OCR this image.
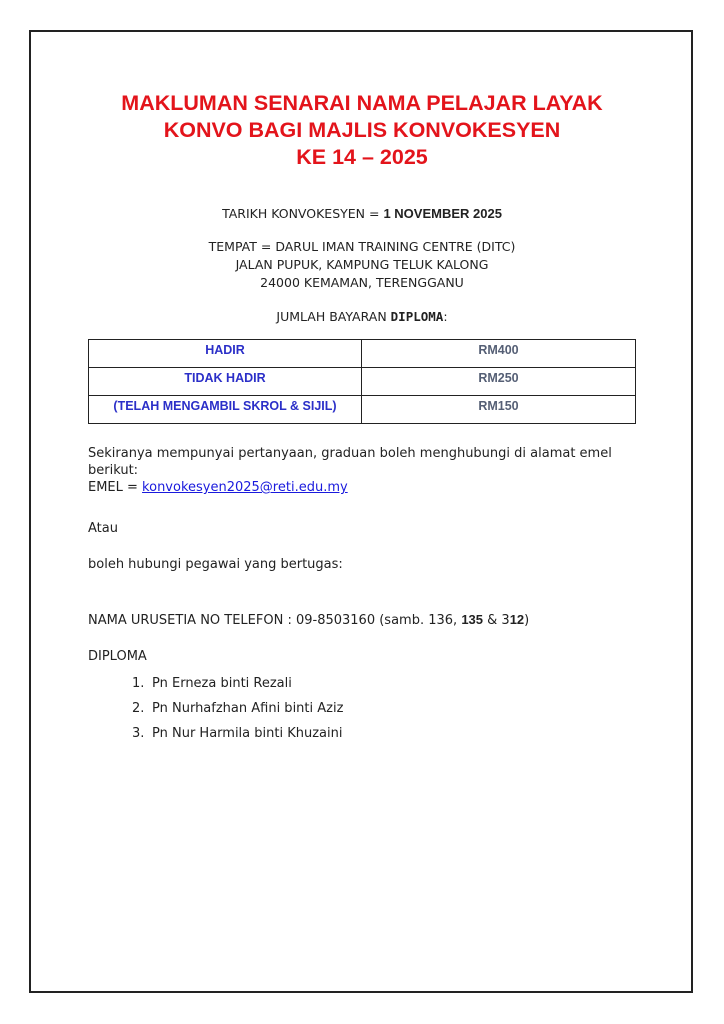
MAKLUMAN SENARAI NAMA PELAJAR LAYAK
KONVO BAGI MAJLIS KONVOKESYEN
KE 14 – 2025
TARIKH KONVOKESYEN = 1 NOVEMBER 2025
TEMPAT = DARUL IMAN TRAINING CENTRE (DITC)
JALAN PUPUK, KAMPUNG TELUK KALONG
24000 KEMAMAN, TERENGGANU
JUMLAH BAYARAN DIPLOMA:
HADIR	RM400
TIDAK HADIR	RM250
(TELAH MENGAMBIL SKROL & SIJIL)	RM150
Sekiranya mempunyai pertanyaan, graduan boleh menghubungi di alamat emel berikut:
EMEL = konvokesyen2025@reti.edu.my
Atau
boleh hubungi pegawai yang bertugas:
NAMA URUSETIA NO TELEFON : 09-8503160 (samb. 136, 135 & 312)
DIPLOMA
1. Pn Erneza binti Rezali
2. Pn Nurhafzhan Afini binti Aziz
3. Pn Nur Harmila binti Khuzaini
